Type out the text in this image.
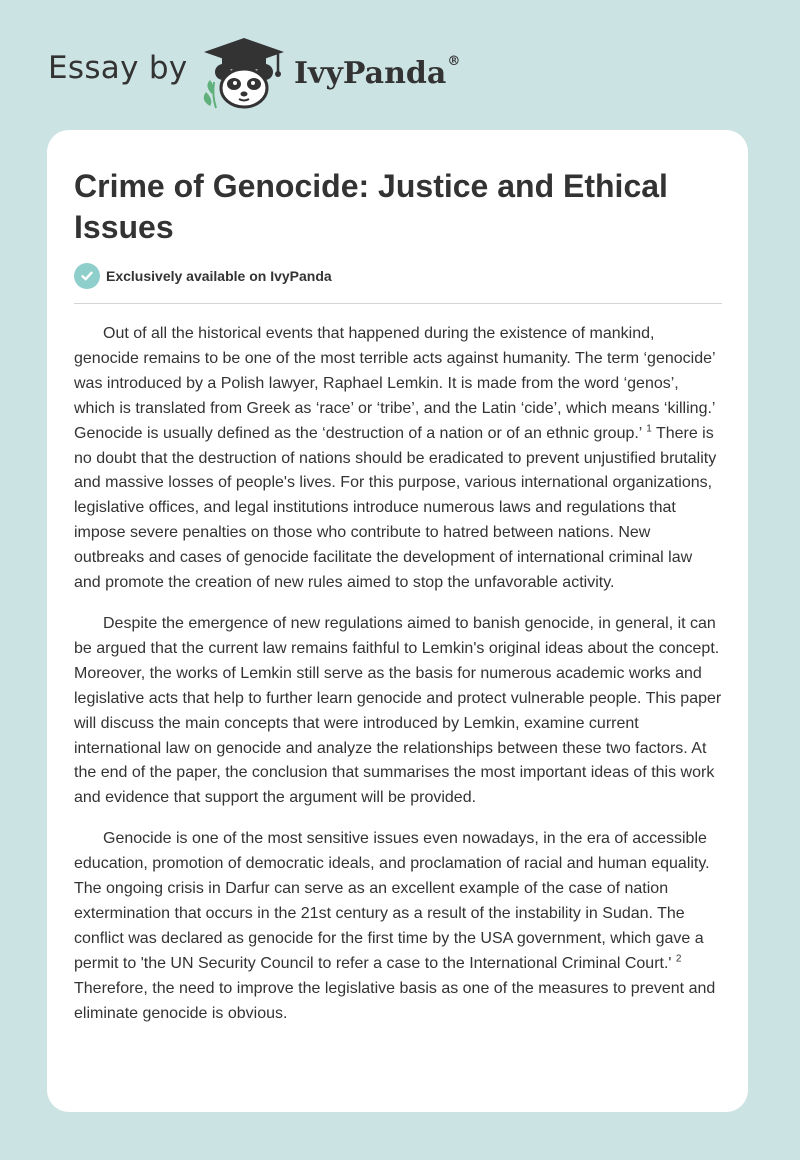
Essay by	IvyPanda®
Crime of Genocide: Justice and Ethical Issues
Exclusively available on IvyPanda

Out of all the historical events that happened during the existence of mankind, genocide remains to be one of the most terrible acts against humanity. The term ‘genocide’ was introduced by a Polish lawyer, Raphael Lemkin. It is made from the word ‘genos’, which is translated from Greek as ‘race’ or ‘tribe’, and the Latin ‘cide’, which means ‘killing.’ Genocide is usually defined as the ‘destruction of a nation or of an ethnic group.’ $^1$ There is no doubt that the destruction of nations should be eradicated to prevent unjustified brutality and massive losses of people's lives. For this purpose, various international organizations, legislative offices, and legal institutions introduce numerous laws and regulations that impose severe penalties on those who contribute to hatred between nations. New outbreaks and cases of genocide facilitate the development of international criminal law and promote the creation of new rules aimed to stop the unfavorable activity.

Despite the emergence of new regulations aimed to banish genocide, in general, it can be argued that the current law remains faithful to Lemkin's original ideas about the concept. Moreover, the works of Lemkin still serve as the basis for numerous academic works and legislative acts that help to further learn genocide and protect vulnerable people. This paper will discuss the main concepts that were introduced by Lemkin, examine current international law on genocide and analyze the relationships between these two factors. At the end of the paper, the conclusion that summarises the most important ideas of this work and evidence that support the argument will be provided.

Genocide is one of the most sensitive issues even nowadays, in the era of accessible education, promotion of democratic ideals, and proclamation of racial and human equality. The ongoing crisis in Darfur can serve as an excellent example of the case of nation extermination that occurs in the 21st century as a result of the instability in Sudan. The conflict was declared as genocide for the first time by the USA government, which gave a permit to 'the UN Security Council to refer a case to the International Criminal Court.' $^2$ Therefore, the need to improve the legislative basis as one of the measures to prevent and eliminate genocide is obvious.
